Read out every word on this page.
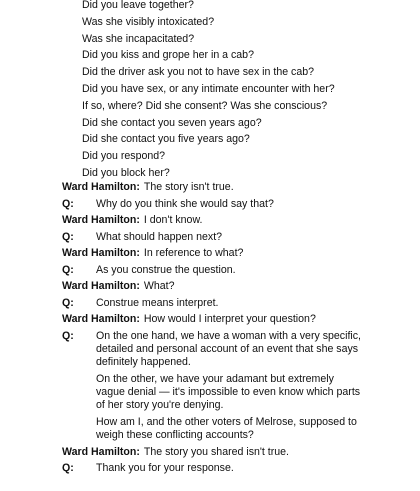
Did you leave together?
Was she visibly intoxicated?
Was she incapacitated?
Did you kiss and grope her in a cab?
Did the driver ask you not to have sex in the cab?
Did you have sex, or any intimate encounter with her?
If so, where? Did she consent? Was she conscious?
Did she contact you seven years ago?
Did she contact you five years ago?
Did you respond?
Did you block her?
Ward Hamilton: The story isn't true.
Q:	Why do you think she would say that?
Ward Hamilton: I don't know.
Q:	What should happen next?
Ward Hamilton: In reference to what?
Q:	As you construe the question.
Ward Hamilton: What?
Q:	Construe means interpret.
Ward Hamilton: How would I interpret your question?
Q:	On the one hand, we have a woman with a very specific, detailed and personal account of an event that she says definitely happened.
On the other, we have your adamant but extremely vague denial — it's impossible to even know which parts of her story you're denying.
How am I, and the other voters of Melrose, supposed to weigh these conflicting accounts?
Ward Hamilton: The story you shared isn't true.
Q:	Thank you for your response.
